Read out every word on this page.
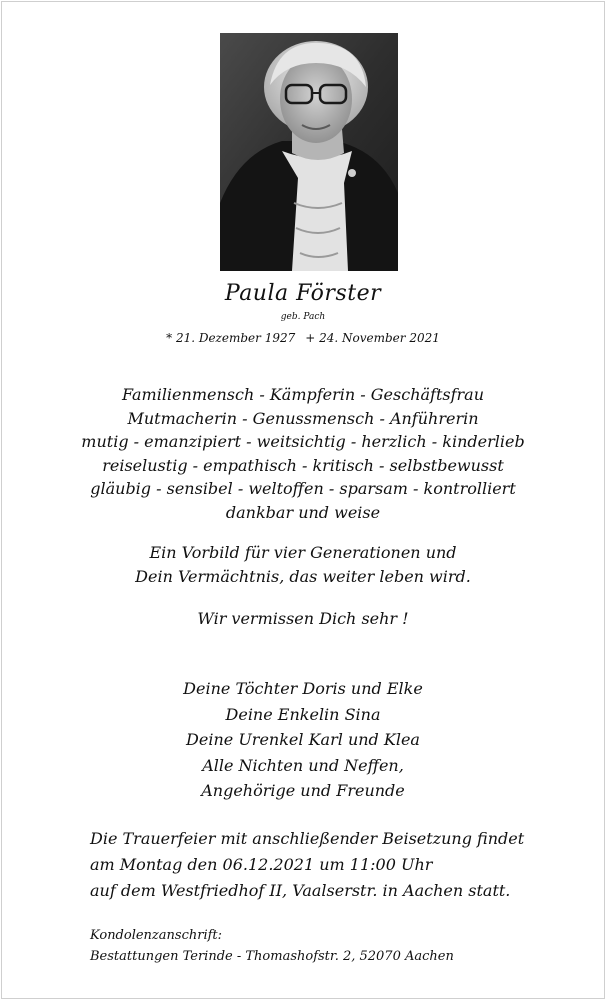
Paula Förster
geb. Pach
* 21. Dezember 1927 + 24. November 2021
Familienmensch - Kämpferin - Geschäftsfrau
Mutmacherin - Genussmensch - Anführerin
mutig - emanzipiert - weitsichtig - herzlich - kinderlieb
reiselustig - empathisch - kritisch - selbstbewusst
gläubig - sensibel - weltoffen - sparsam - kontrolliert
dankbar und weise
Ein Vorbild für vier Generationen und
Dein Vermächtnis, das weiter leben wird.
Wir vermissen Dich sehr !
Deine Töchter Doris und Elke
Deine Enkelin Sina
Deine Urenkel Karl und Klea
Alle Nichten und Neffen,
Angehörige und Freunde
Die Trauerfeier mit anschließender Beisetzung findet
am Montag den 06.12.2021 um 11:00 Uhr
auf dem Westfriedhof II, Vaalserstr. in Aachen statt.
Kondolenzanschrift:
Bestattungen Terinde - Thomashofstr. 2, 52070 Aachen
